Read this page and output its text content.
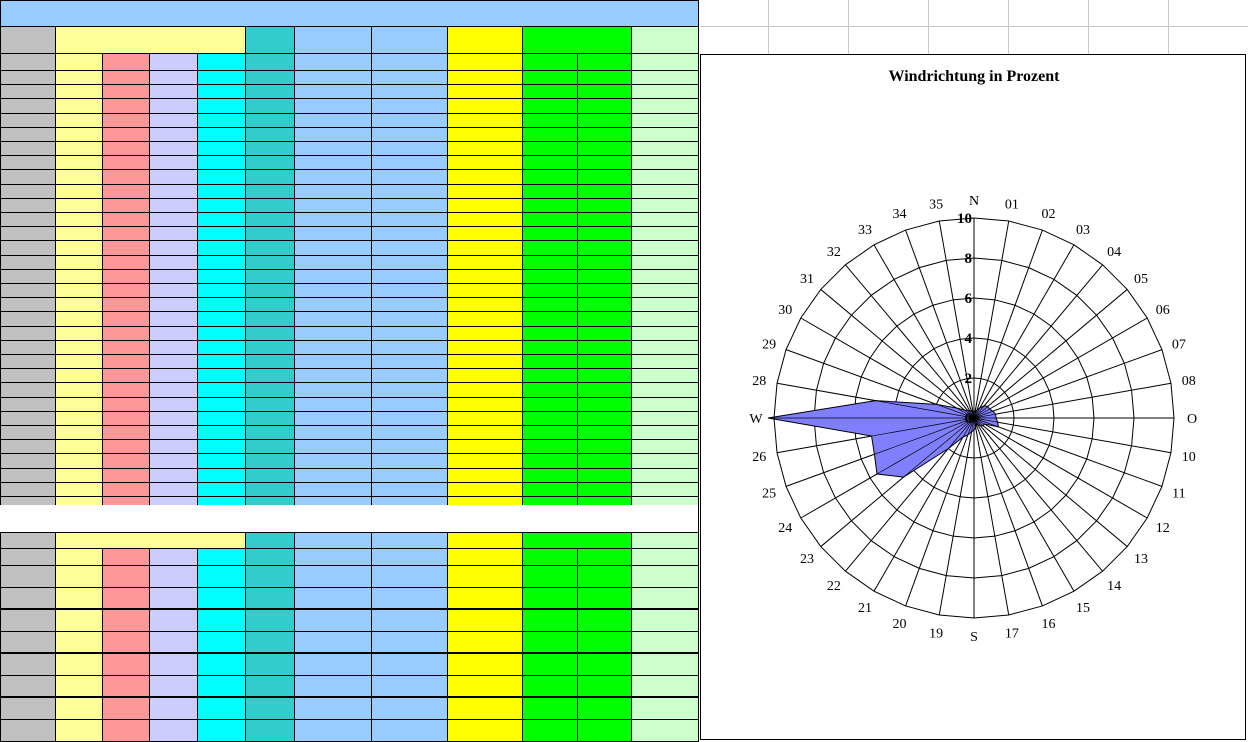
Windrichtung in Prozent
0
2
4
6
8
10
N 01
02
03
04
05
06
07
08
O
10
11
12
13
14
15
16
17
S
19
20
21
22
23
24
25
26
W
28
29
30
31
32
33
34
35
